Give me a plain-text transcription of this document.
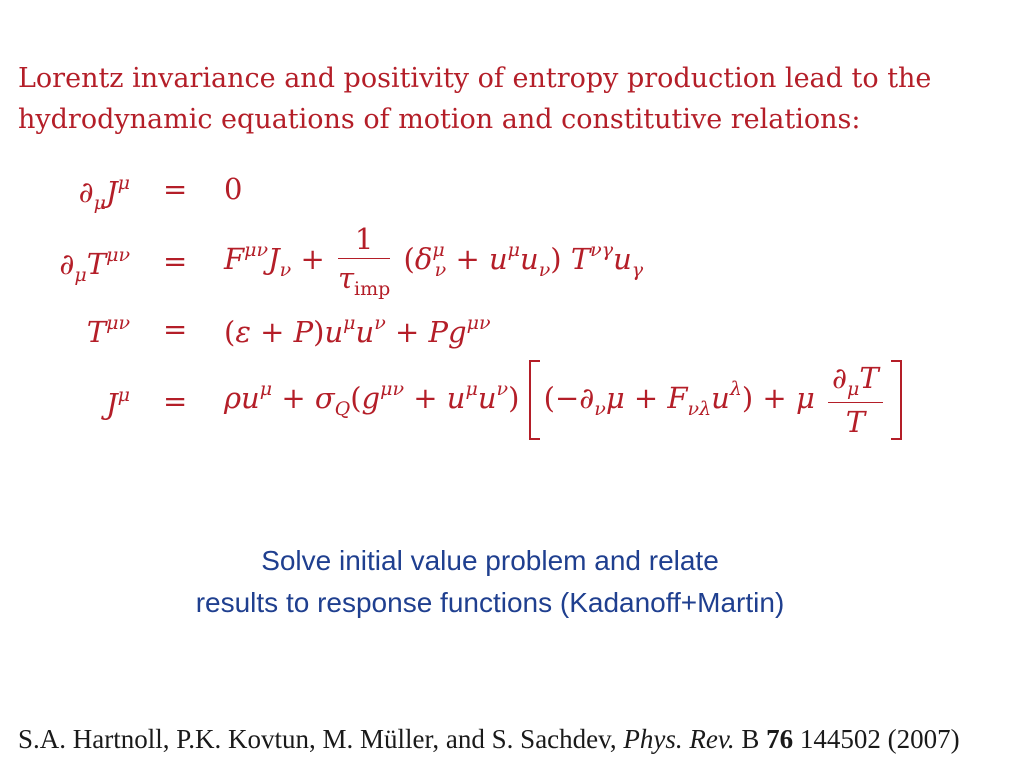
Lorentz invariance and positivity of entropy production lead to the
hydrodynamic equations of motion and constitutive relations:
$\partial_\mu J^\mu = 0$
$\partial_\mu T^{\mu\nu} = F^{\mu\nu}J_\nu + \frac{1}{\tau_{imp}} (\delta^\mu_\nu + u^\mu u_\nu)$ $T^{\nu\gamma}u_\gamma$
$T^{\mu\nu} = (\varepsilon + P)u^\mu u^\nu + Pg^{\mu\nu}$
$J^\mu = \rho u^\mu + \sigma_Q(g^{\mu\nu} + u^\mu u^\nu) (-\partial_\nu\mu + F_{\nu\lambda}u^\lambda) + \mu \frac{\partial_\mu T}{T}$
Solve initial value problem and relate
results to response functions (Kadanoff+Martin)
S.A. Hartnoll, P.K. Kovtun, M. Müller, and S. Sachdev, Phys. Rev. B 76 144502 (2007)
